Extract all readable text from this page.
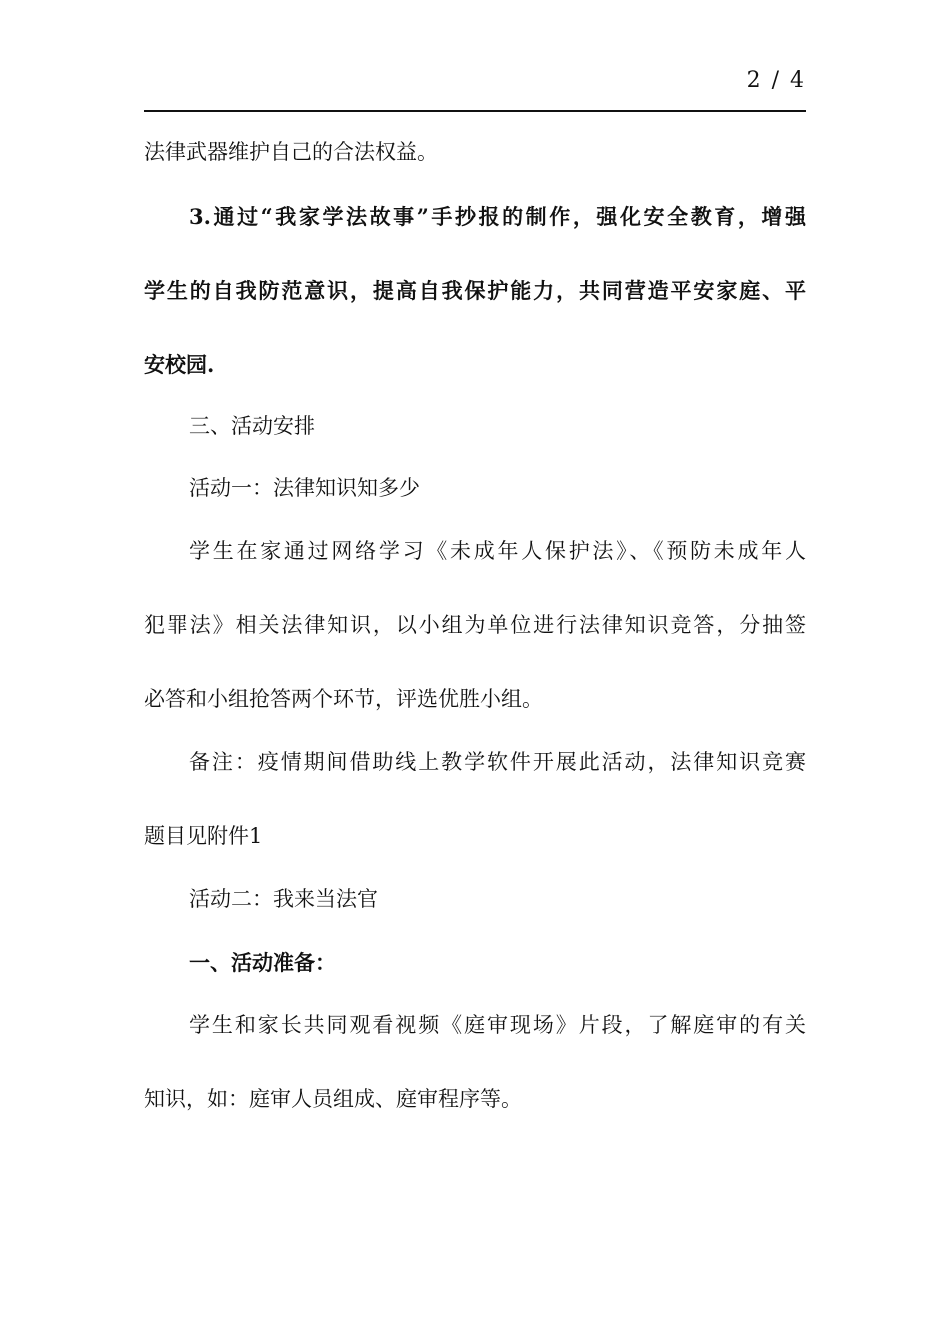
2 / 4
法律武器维护自己的合法权益。
3.通过“我家学法故事”手抄报的制作，强化安全教育，增强
学生的自我防范意识，提高自我保护能力，共同营造平安家庭、平
安校园.
三、活动安排
活动一：法律知识知多少
学生在家通过网络学习《未成年人保护法》、《预防未成年人
犯罪法》相关法律知识，以小组为单位进行法律知识竞答，分抽签
必答和小组抢答两个环节，评选优胜小组。
备注：疫情期间借助线上教学软件开展此活动，法律知识竞赛
题目见附件1
活动二：我来当法官
一、活动准备：
学生和家长共同观看视频《庭审现场》片段，了解庭审的有关
知识，如：庭审人员组成、庭审程序等。
